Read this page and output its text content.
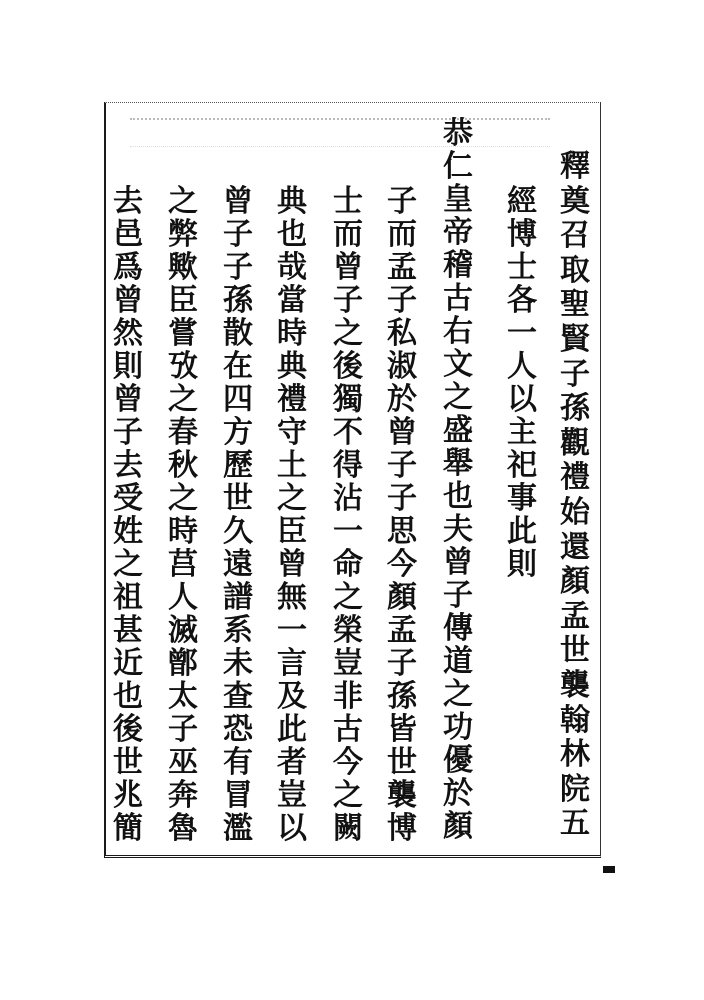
釋
奠
召
取
聖
賢
子
孫
觀
禮
始
還
顏
孟
世
襲
翰
林
院
五
經
博
士
各
一
人
以
主
祀
事
此
則
恭
仁
皇
帝
稽
古
右
文
之
盛
舉
也
夫
曾
子
傳
道
之
功
優
於
顏
子
而
孟
子
私
淑
於
曾
子
子
思
今
顏
孟
子
孫
皆
世
襲
博
士
而
曾
子
之
後
獨
不
得
沾
一
命
之
榮
豈
非
古
今
之
闕
典
也
哉
當
時
典
禮
守
土
之
臣
曾
無
一
言
及
此
者
豈
以
曾
子
子
孫
散
在
四
方
歷
世
久
遠
譜
系
未
查
恐
有
冒
濫
之
弊
歟
臣
嘗
攷
之
春
秋
之
時
莒
人
滅
鄫
太
子
巫
奔
魯
去
邑
爲
曾
然
則
曾
子
去
受
姓
之
祖
甚
近
也
後
世
兆
簡
